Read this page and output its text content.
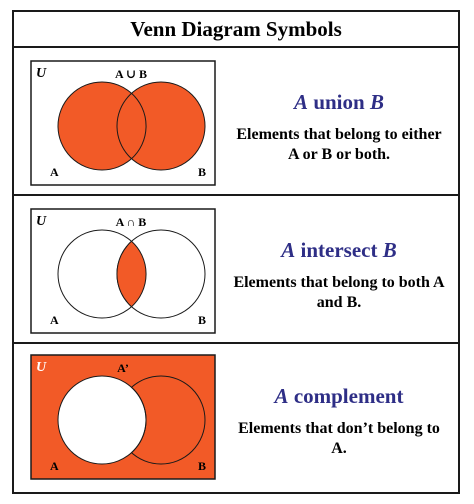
Venn Diagram Symbols
U	A ∪ B
A	B
A union B
Elements that belong to either A or B or both.
U	A ∩ B
A	B
A intersect B
Elements that belong to both A and B.
U	A’
A	B
A complement
Elements that don’t belong to A.
